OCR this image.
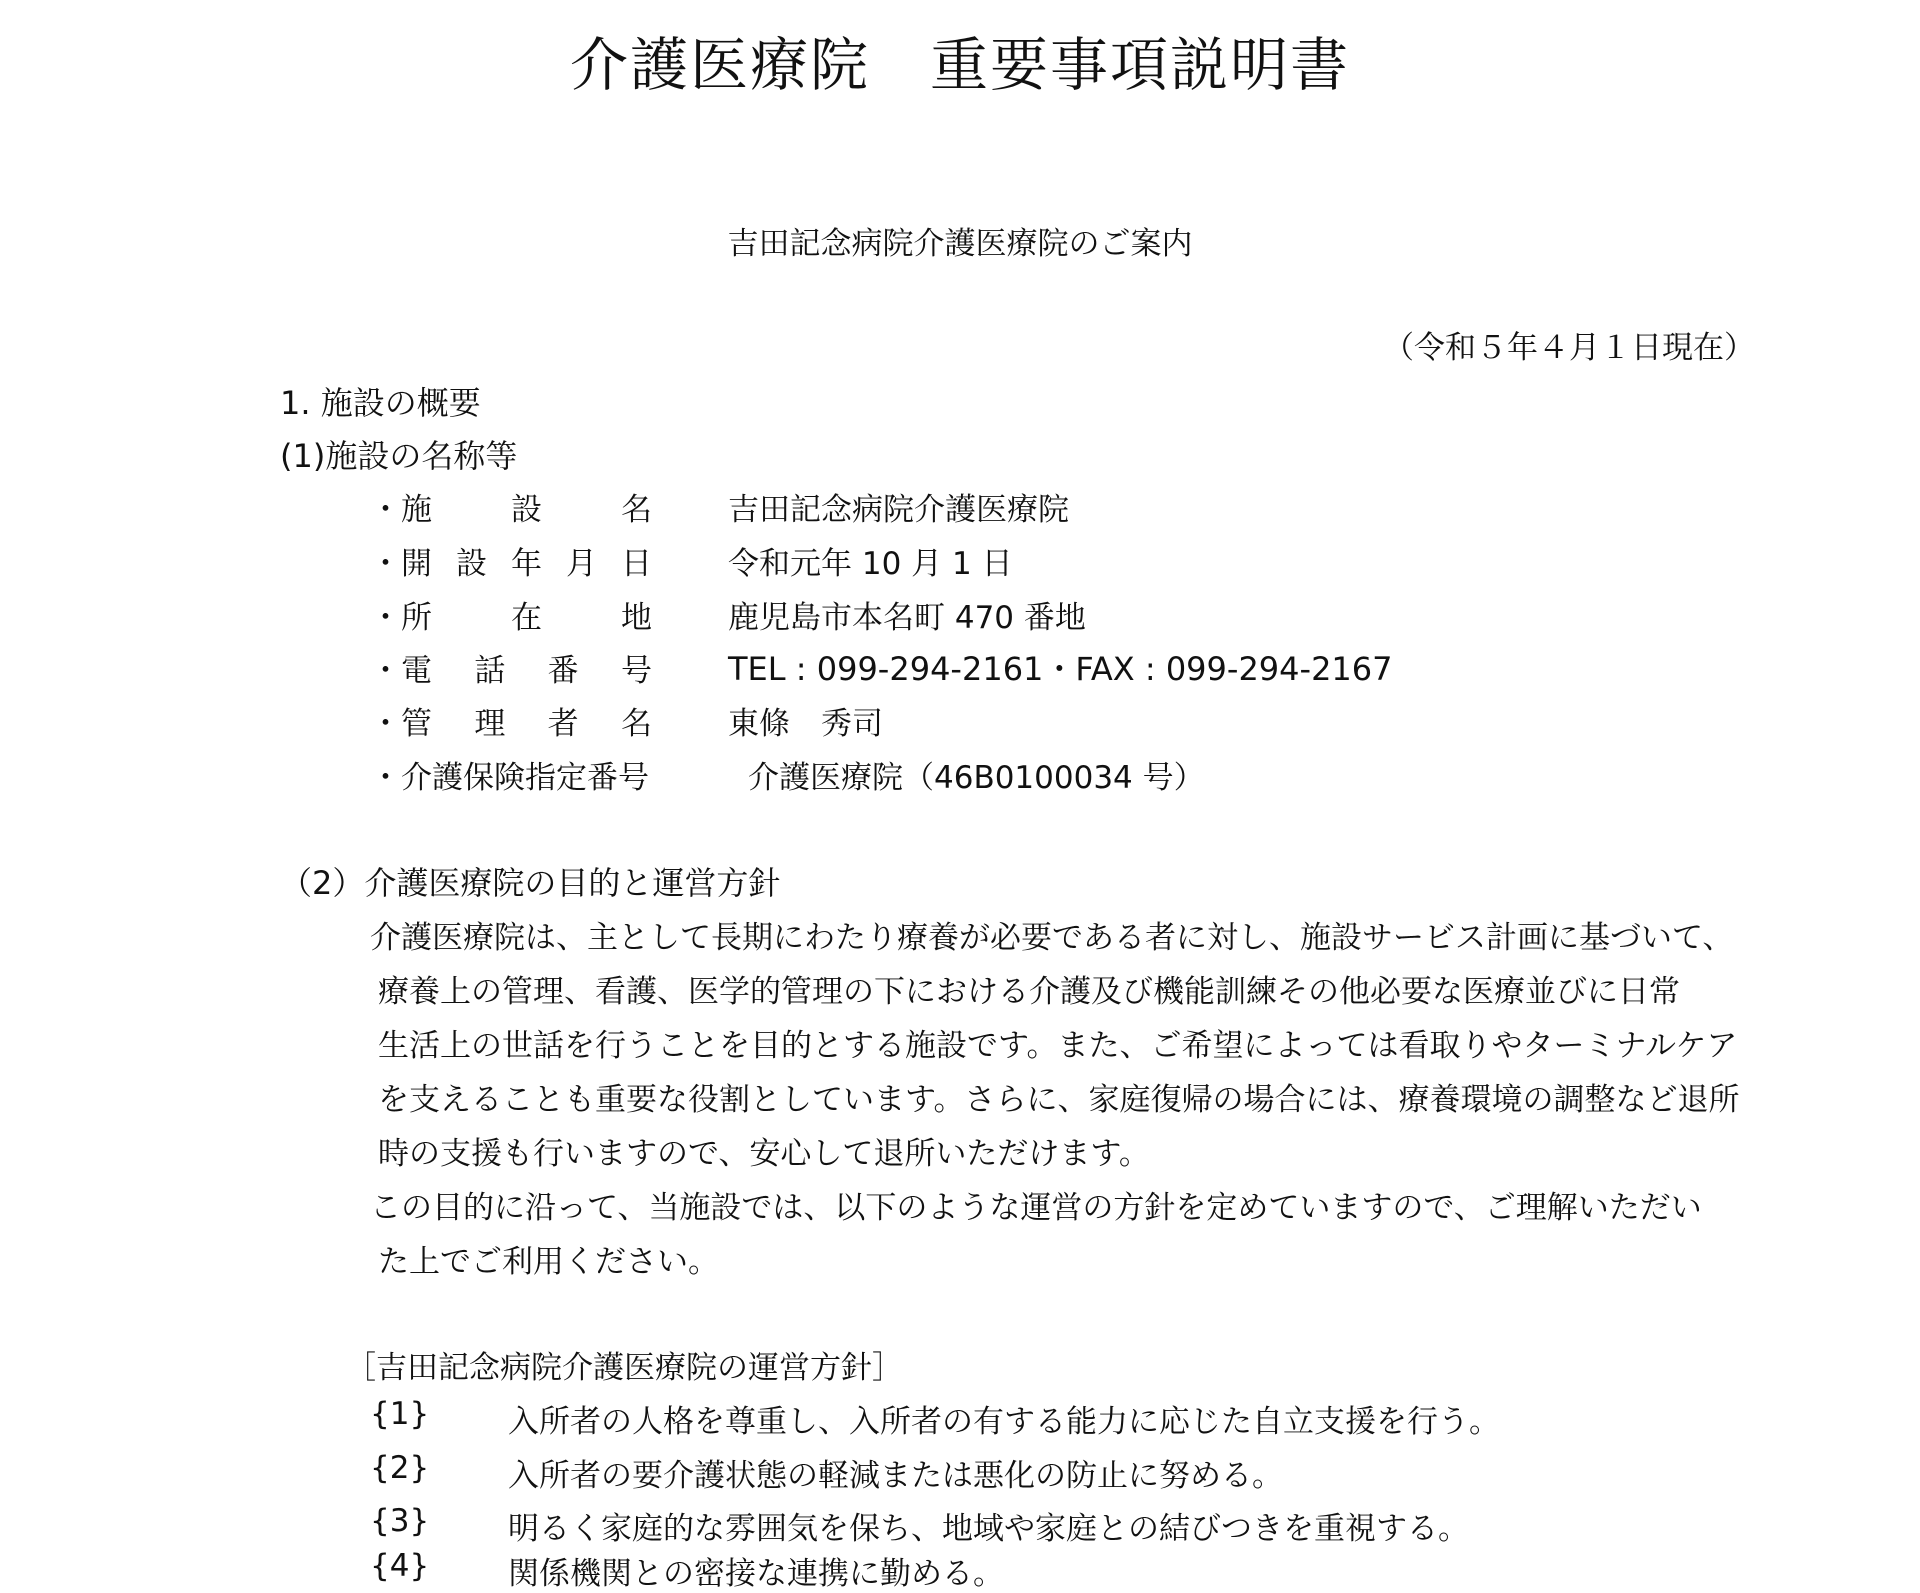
介護医療院　重要事項説明書
吉田記念病院介護医療院のご案内
（令和５年４月１日現在）
1. 施設の概要
(1)施設の名称等
・施	設	名 吉田記念病院介護医療院
・開 設 年 月 日 令和元年 10 月 1 日
・所	在	地 鹿児島市本名町 470 番地
・電 話 番 号 TEL : 099-294-2161・FAX : 099-294-2167
・管 理 者 名 東條　秀司
・介護保険指定番号	介護医療院（46B0100034 号）
（2）介護医療院の目的と運営方針
介護医療院は、主として長期にわたり療養が必要である者に対し、施設サービス計画に基づいて、
療養上の管理、看護、医学的管理の下における介護及び機能訓練その他必要な医療並びに日常
生活上の世話を行うことを目的とする施設です。また、ご希望によっては看取りやターミナルケア
を支えることも重要な役割としています。さらに、家庭復帰の場合には、療養環境の調整など退所
時の支援も行いますので、安心して退所いただけます。
この目的に沿って、当施設では、以下のような運営の方針を定めていますので、ご理解いただい
た上でご利用ください。
［吉田記念病院介護医療院の運営方針］
{1}	入所者の人格を尊重し、入所者の有する能力に応じた自立支援を行う。
{2}	入所者の要介護状態の軽減または悪化の防止に努める。
{3}	明るく家庭的な雰囲気を保ち、地域や家庭との結びつきを重視する。
{4}	関係機関との密接な連携に勤める。
